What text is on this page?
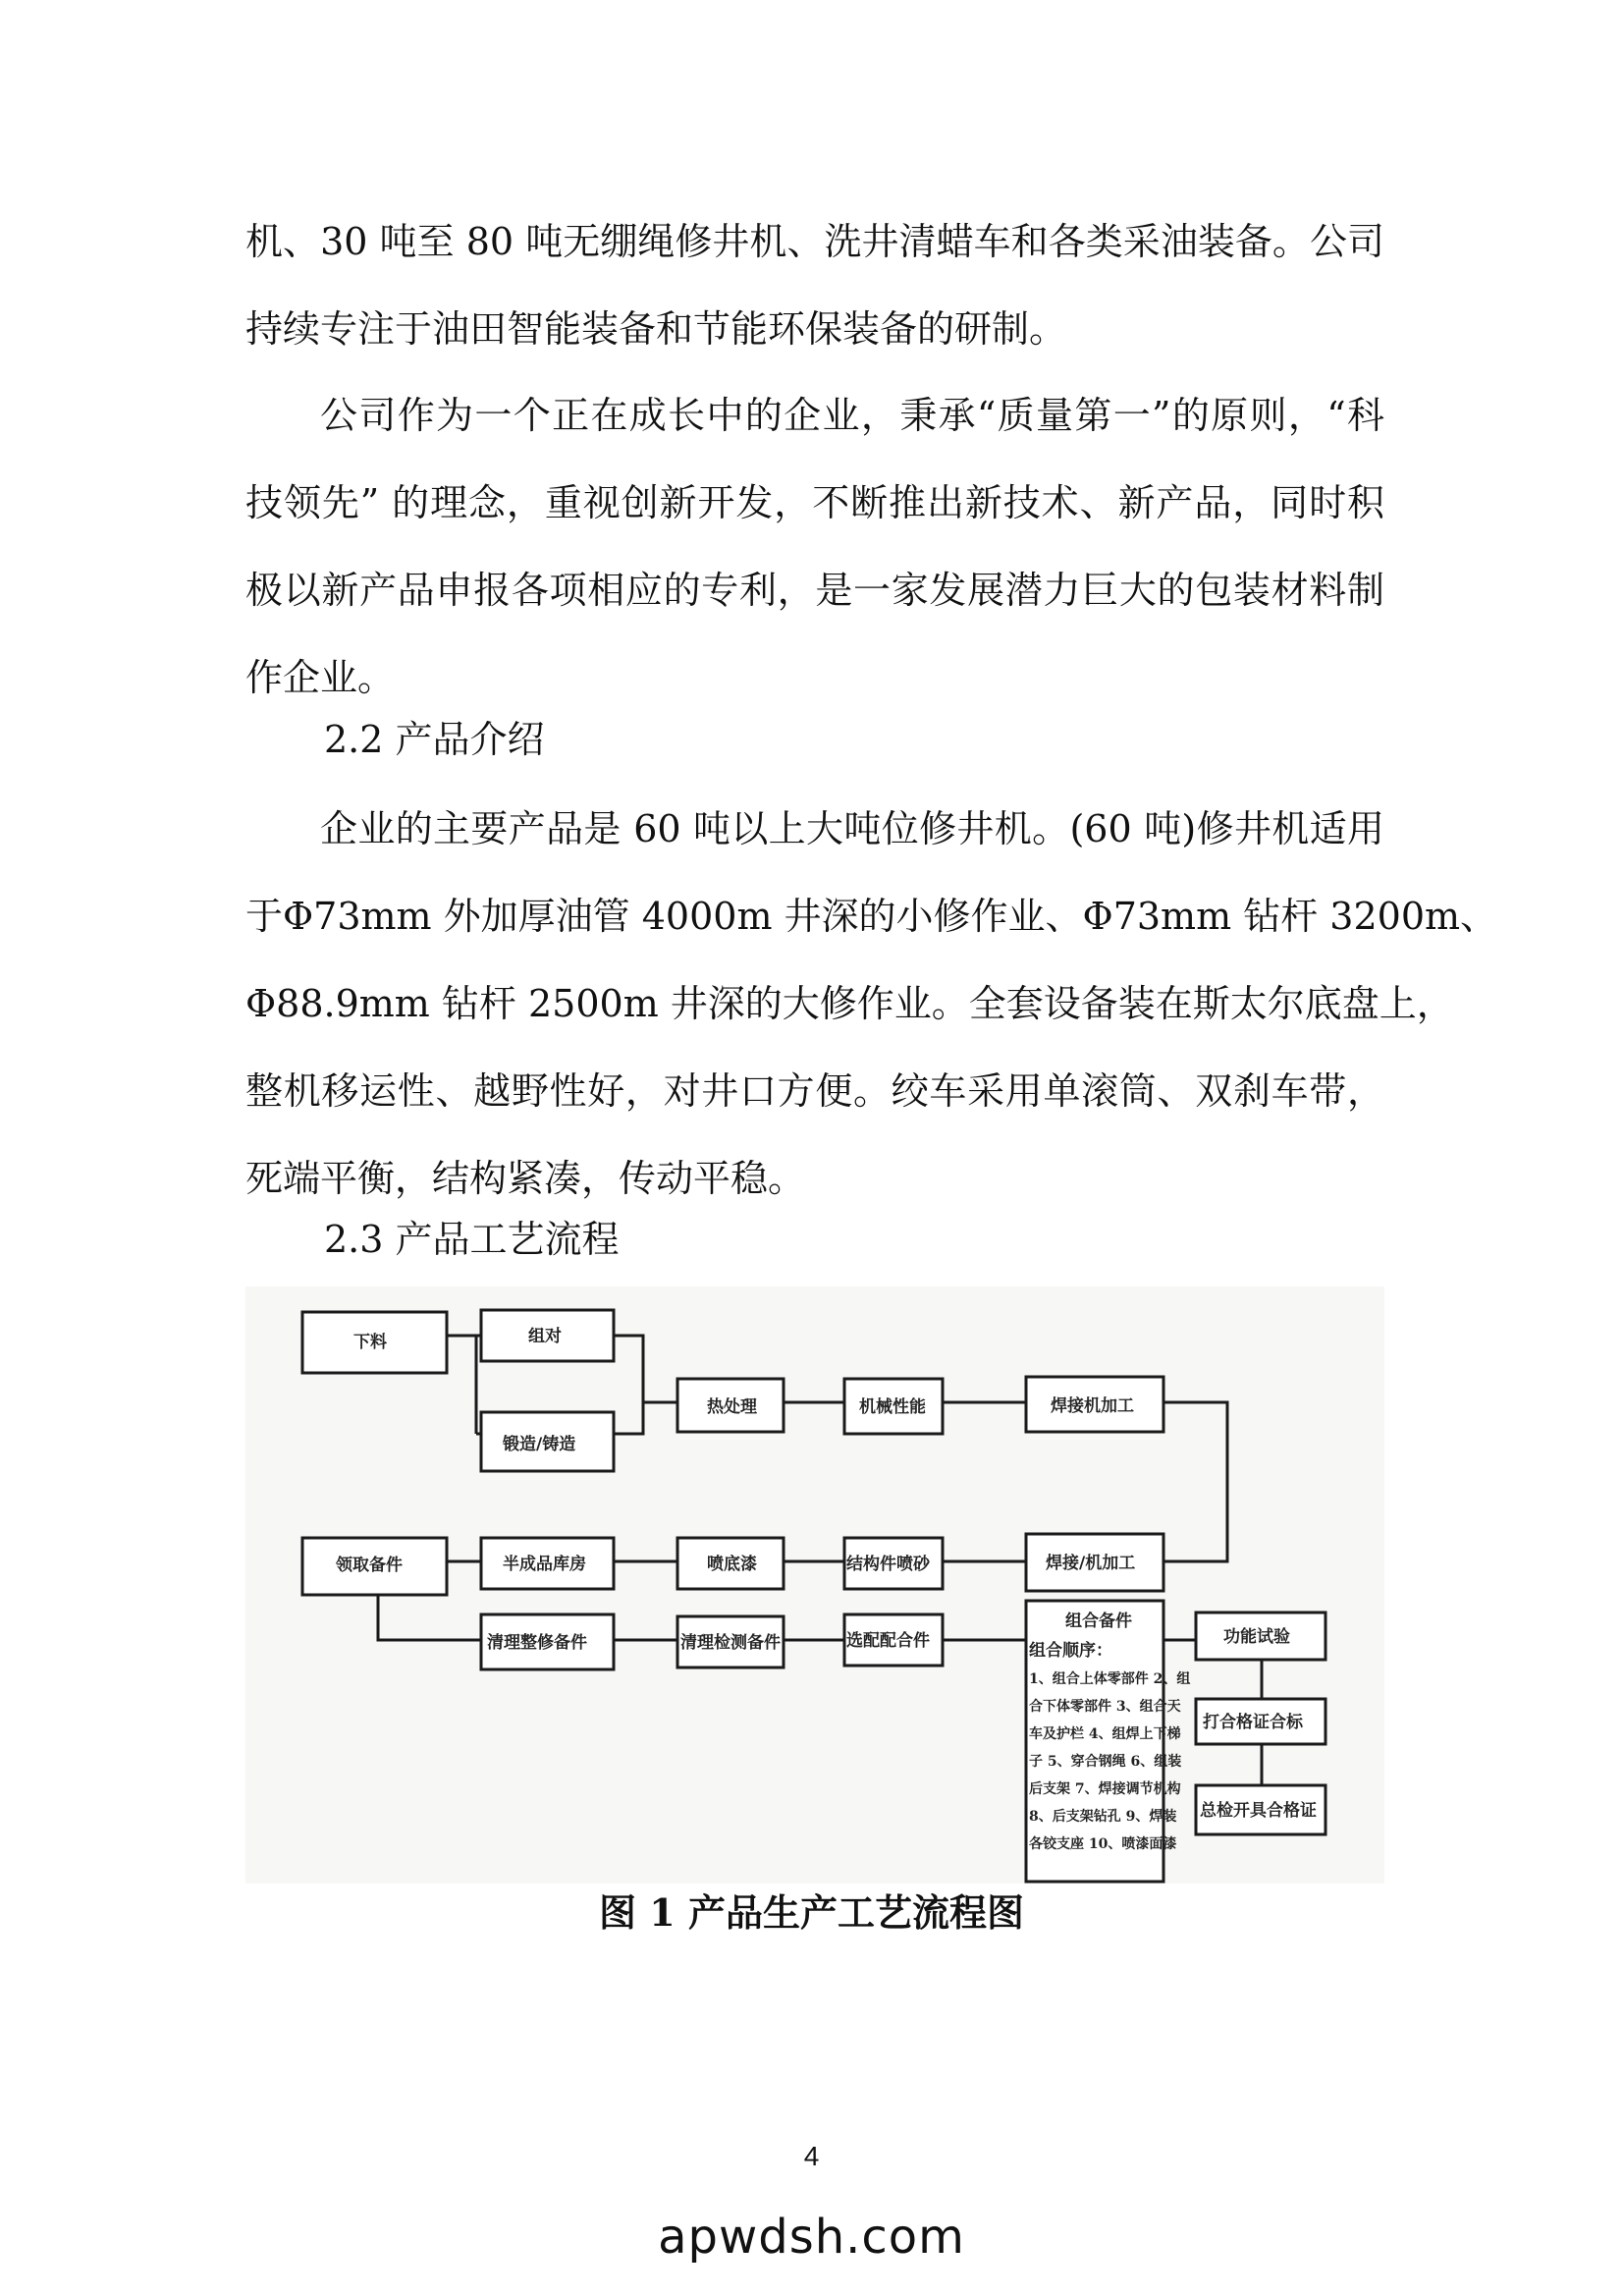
机、30 吨至 80 吨无绷绳修井机、洗井清蜡车和各类采油装备。公司
持续专注于油田智能装备和节能环保装备的研制。
公司作为一个正在成长中的企业，秉承“质量第一”的原则，“科
技领先” 的理念，重视创新开发，不断推出新技术、新产品，同时积
极以新产品申报各项相应的专利，是一家发展潜力巨大的包装材料制
作企业。
2.2 产品介绍
企业的主要产品是 60 吨以上大吨位修井机。(60 吨)修井机适用
于Φ73mm 外加厚油管 4000m 井深的小修作业、Φ73mm 钻杆 3200m、
Φ88.9mm 钻杆 2500m 井深的大修作业。全套设备装在斯太尔底盘上，
整机移运性、越野性好，对井口方便。绞车采用单滚筒、双刹车带，
死端平衡，结构紧凑，传动平稳。
2.3 产品工艺流程
下料	组对
锻造/铸造
热处理	机械性能	焊接机加工
领取备件	半成品库房	喷底漆	结构件喷砂	焊接/机加工
清理整修备件	清理检测备件	选配配合件
组合备件
组合顺序：
1、组合上体零部件 2、组
合下体零部件 3、组合天
车及护栏 4、组焊上下梯
子 5、穿合钢绳 6、组装
后支架 7、焊接调节机构
8、后支架钻孔 9、焊装
各铰支座 10、喷漆面漆
功能试验
打合格证合标
总检开具合格证
图 1 产品生产工艺流程图
4
apwdsh.com
